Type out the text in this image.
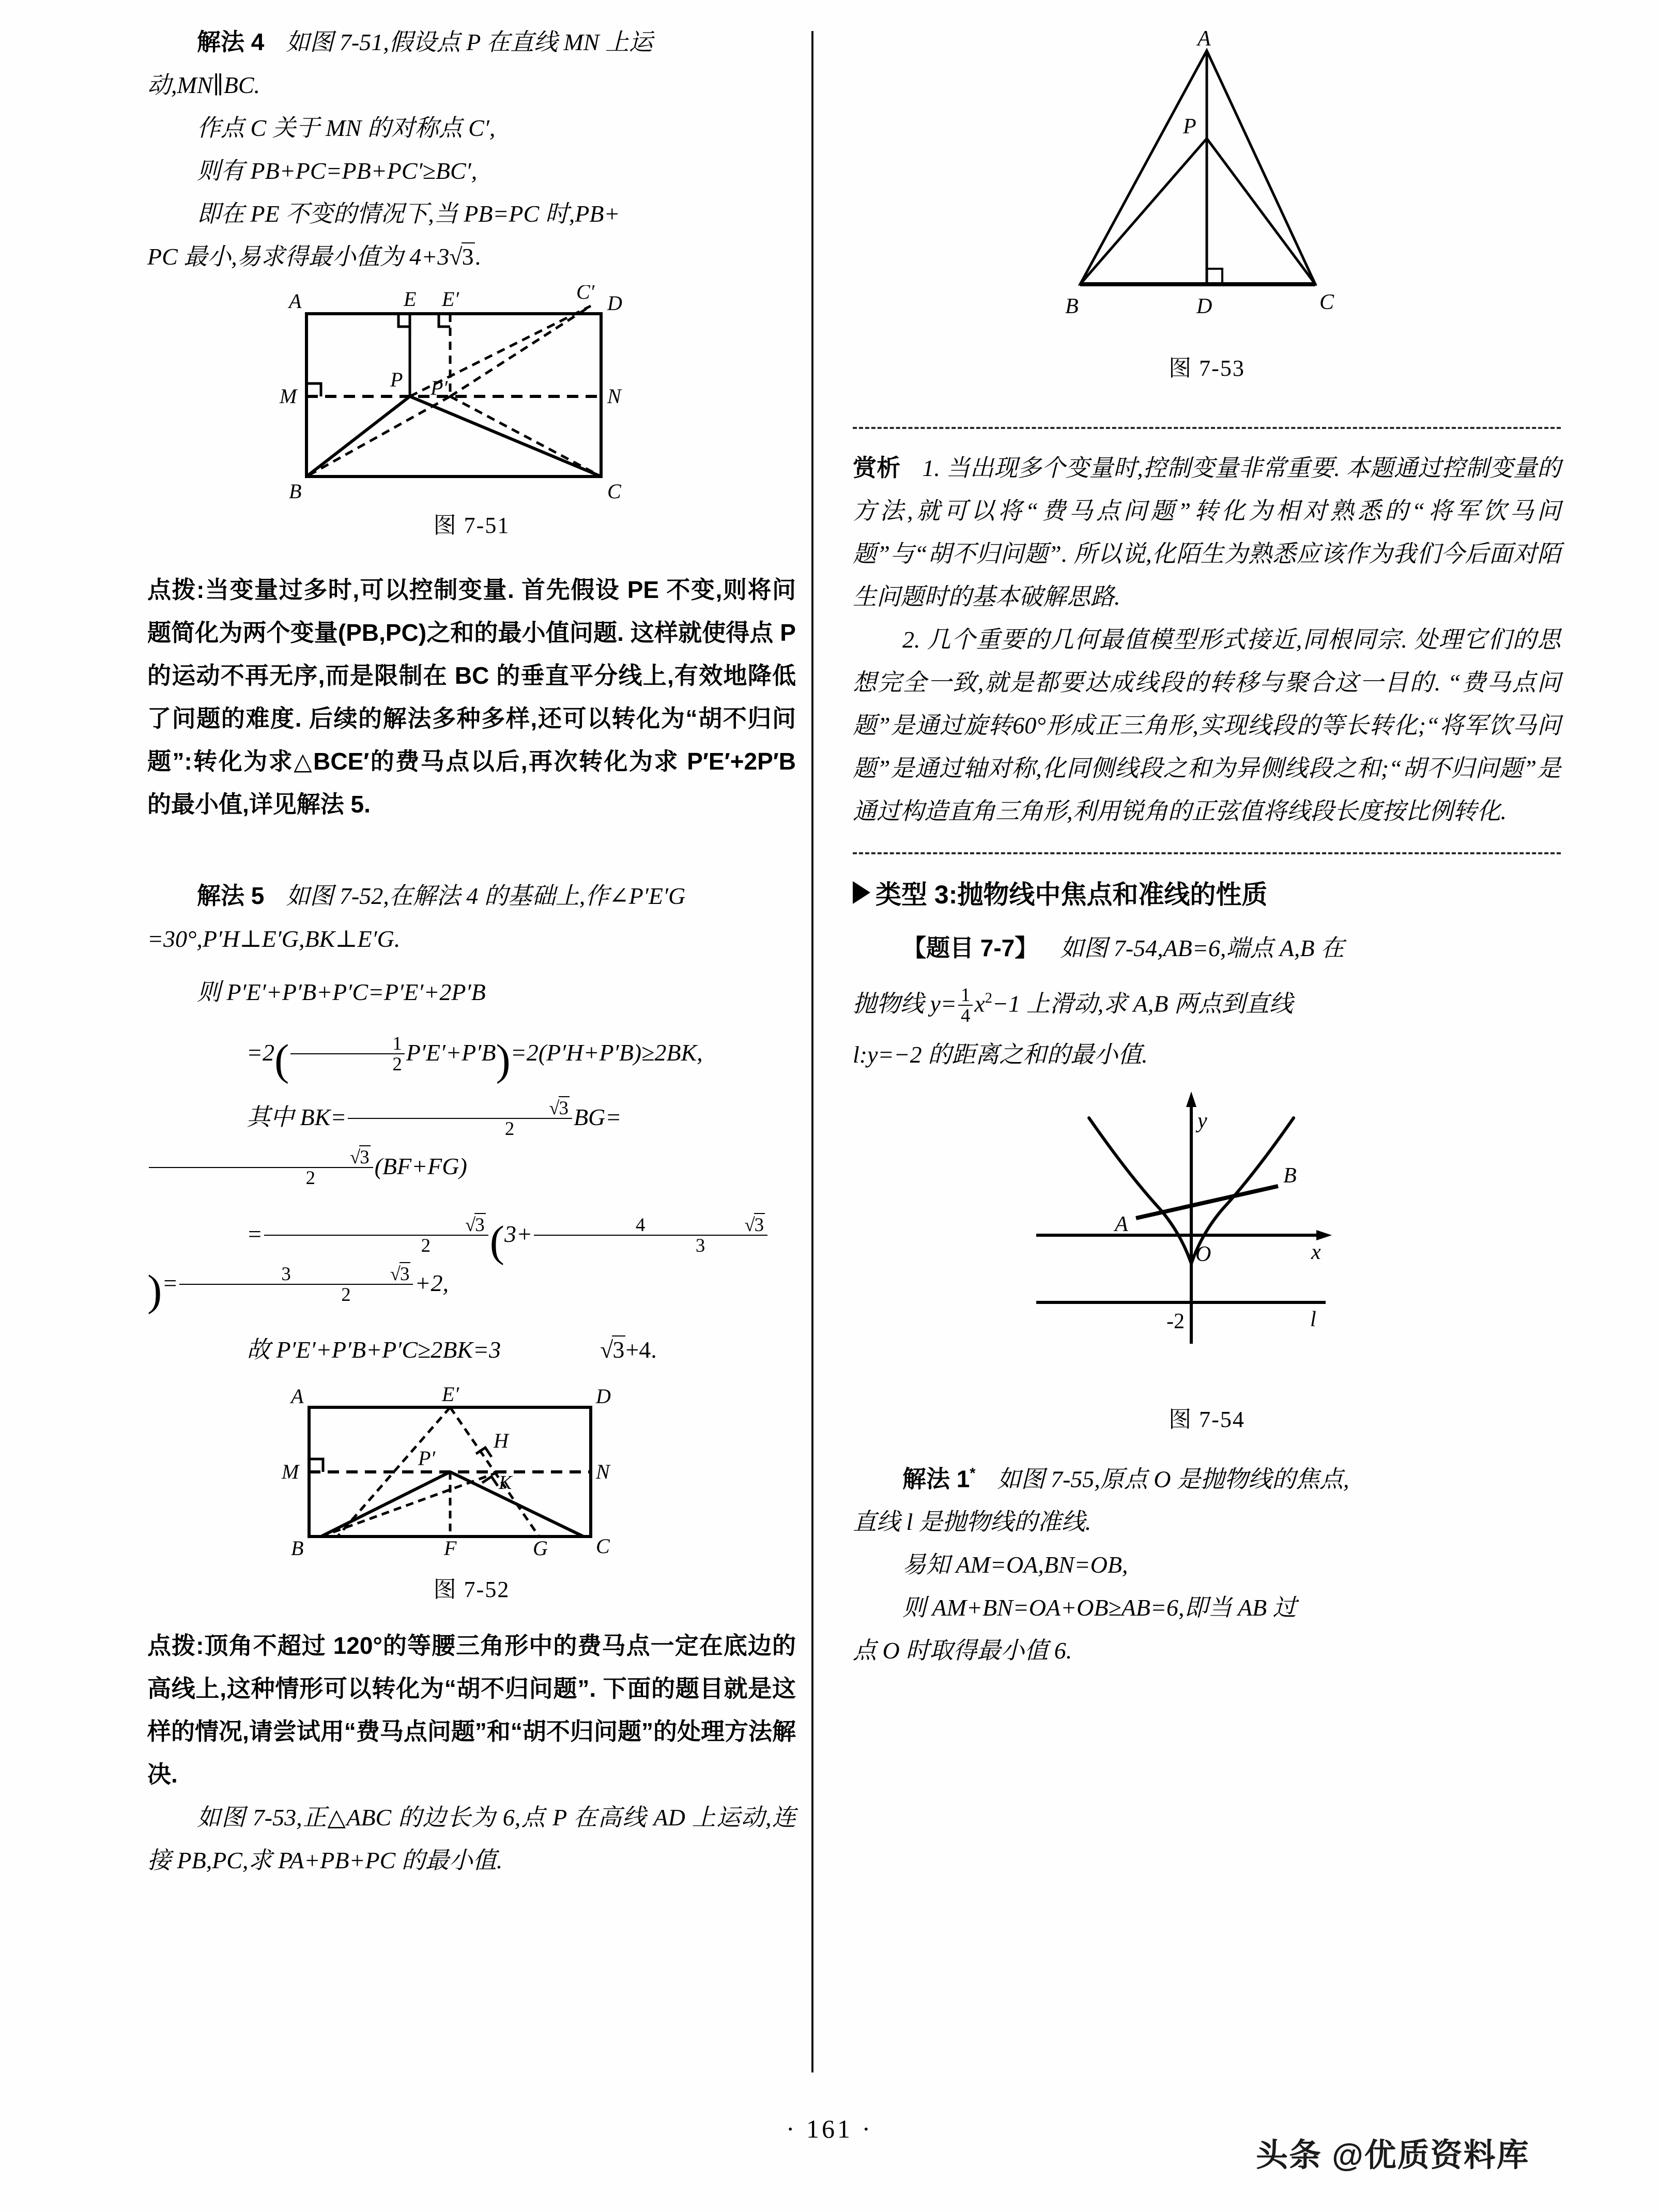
解法 4 如图 7-51,假设点 P 在直线 MN 上运
动,MN∥BC.
作点 C 关于 MN 的对称点 C′,
则有 PB+PC=PB+PC′≥BC′,
即在 PE 不变的情况下,当 PB=PC 时,PB+
PC 最小,易求得最小值为 4+3√3.
A	E E′	C′ D
M	N
P P′
B	C
图 7-51
点拨:当变量过多时,可以控制变量. 首先假设 PE 不变,则将问题简化为两个变量(PB,PC)之和的最小值问题. 这样就使得点 P 的运动不再无序,而是限制在 BC 的垂直平分线上,有效地降低了问题的难度. 后续的解法多种多样,还可以转化为“胡不归问题”:转化为求△BCE′的费马点以后,再次转化为求 P′E′+2P′B 的最小值,详见解法 5.
解法 5 如图 7-52,在解法 4 的基础上,作∠P′E′G
=30°,P′H⊥E′G,BK⊥E′G.
则 P′E′+P′B+P′C=P′E′+2P′B
$=2( \frac{1}{2} P'E'+P'B)=2(P'H+P'B)\ge 2BK$,
其中 $BK= \frac{√3}{2} BG=$
$\frac{√3}{2} (BF+FG)$
= $\frac{√3}{2} (3+ 4$	√3
3
)= 3	√3
2 +2,
故 P′E′+P′B+P′C≥2BK=3	√3+4.
A	E′	D
M	N
P′
H
K
B	F	G C
图 7-52
点拨:顶角不超过 120°的等腰三角形中的费马点一定在底边的高线上,这种情形可以转化为“胡不归问题”. 下面的题目就是这样的情况,请尝试用“费马点问题”和“胡不归问题”的处理方法解决.
如图 7-53,正△ABC 的边长为 6,点 P 在高线 AD 上运动,连接 PB,PC,求 PA+PB+PC 的最小值.
A
P
B	D	C
图 7-53
赏析 1. 当出现多个变量时,控制变量非常重要. 本题通过控制变量的方法,就可以将“费马点问题”转化为相对熟悉的“将军饮马问题”与“胡不归问题”. 所以说,化陌生为熟悉应该作为我们今后面对陌生问题时的基本破解思路.
2. 几个重要的几何最值模型形式接近,同根同宗. 处理它们的思想完全一致,就是都要达成线段的转移与聚合这一目的. “费马点问题”是通过旋转60°形成正三角形,实现线段的等长转化;“将军饮马问题”是通过轴对称,化同侧线段之和为异侧线段之和;“胡不归问题”是通过构造直角三角形,利用锐角的正弦值将线段长度按比例转化.
类型 3:抛物线中焦点和准线的性质
【题目 7-7】 如图 7-54,AB=6,端点 A,B 在
抛物线 $y= \frac{1}{4} x^2-1$ 上滑动,求 A,B 两点到直线
l:y=−2 的距离之和的最小值.
y
x
O
A
B
l
-2
图 7-54
解法 1* 如图 7-55,原点 O 是抛物线的焦点,
直线 l 是抛物线的准线.
易知 AM=OA,BN=OB,
则 AM+BN=OA+OB≥AB=6,即当 AB 过
点 O 时取得最小值 6.
· 161 ·
头条 @优质资料库
